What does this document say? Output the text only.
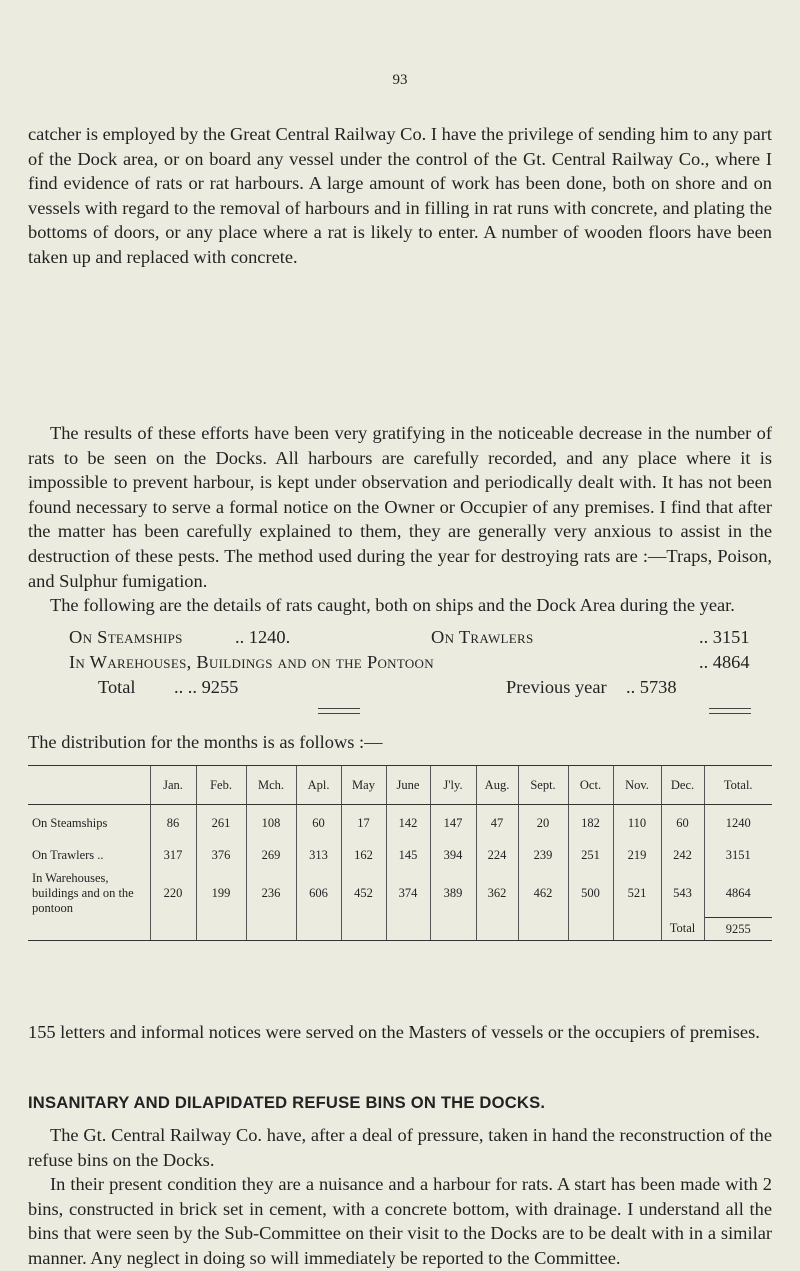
93

catcher is employed by the Great Central Railway Co. I have the privilege of sending him to any part of the Dock area, or on board any vessel under the control of the Gt. Central Railway Co., where I find evidence of rats or rat harbours. A large amount of work has been done, both on shore and on vessels with regard to the removal of harbours and in filling in rat runs with concrete, and plating the bottoms of doors, or any place where a rat is likely to enter. A number of wooden floors have been taken up and replaced with concrete.

The results of these efforts have been very gratifying in the noticeable decrease in the number of rats to be seen on the Docks. All harbours are carefully recorded, and any place where it is impossible to prevent harbour, is kept under observation and periodically dealt with. It has not been found necessary to serve a formal notice on the Owner or Occupier of any premises. I find that after the matter has been carefully explained to them, they are generally very anxious to assist in the destruction of these pests. The method used during the year for destroying rats are :—Traps, Poison, and Sulphur fumigation.
The following are the details of rats caught, both on ships and the Dock Area during the year.
On Steamships	.. 1240.	On Trawlers	.. 3151
In Warehouses, Buildings and on the Pontoon	.. 4864
Total .. .. 9255	Previous year .. 5738
The distribution for the months is as follows :—
	Jan.	Feb.	Mch.	Apl.	May	June	J'ly.	Aug.	Sept.	Oct.	Nov.	Dec.	Total.
On Steamships	86	261	108	60	17	142	147	47	20	182	110	60	1240
On Trawlers ..	317	376	269	313	162	145	394	224	239	251	219	242	3151
In Warehouses, buildings and on the pontoon	220	199	236	606	452	374	389	362	462	500	521	543	4864
												Total	9255

155 letters and informal notices were served on the Masters of vessels or the occupiers of premises.

INSANITARY AND DILAPIDATED REFUSE BINS ON THE DOCKS.
The Gt. Central Railway Co. have, after a deal of pressure, taken in hand the reconstruction of the refuse bins on the Docks.
In their present condition they are a nuisance and a harbour for rats. A start has been made with 2 bins, constructed in brick set in cement, with a concrete bottom, with drainage. I understand all the bins that were seen by the Sub-Committee on their visit to the Docks are to be dealt with in a similar manner. Any neglect in doing so will immediately be reported to the Committee.
